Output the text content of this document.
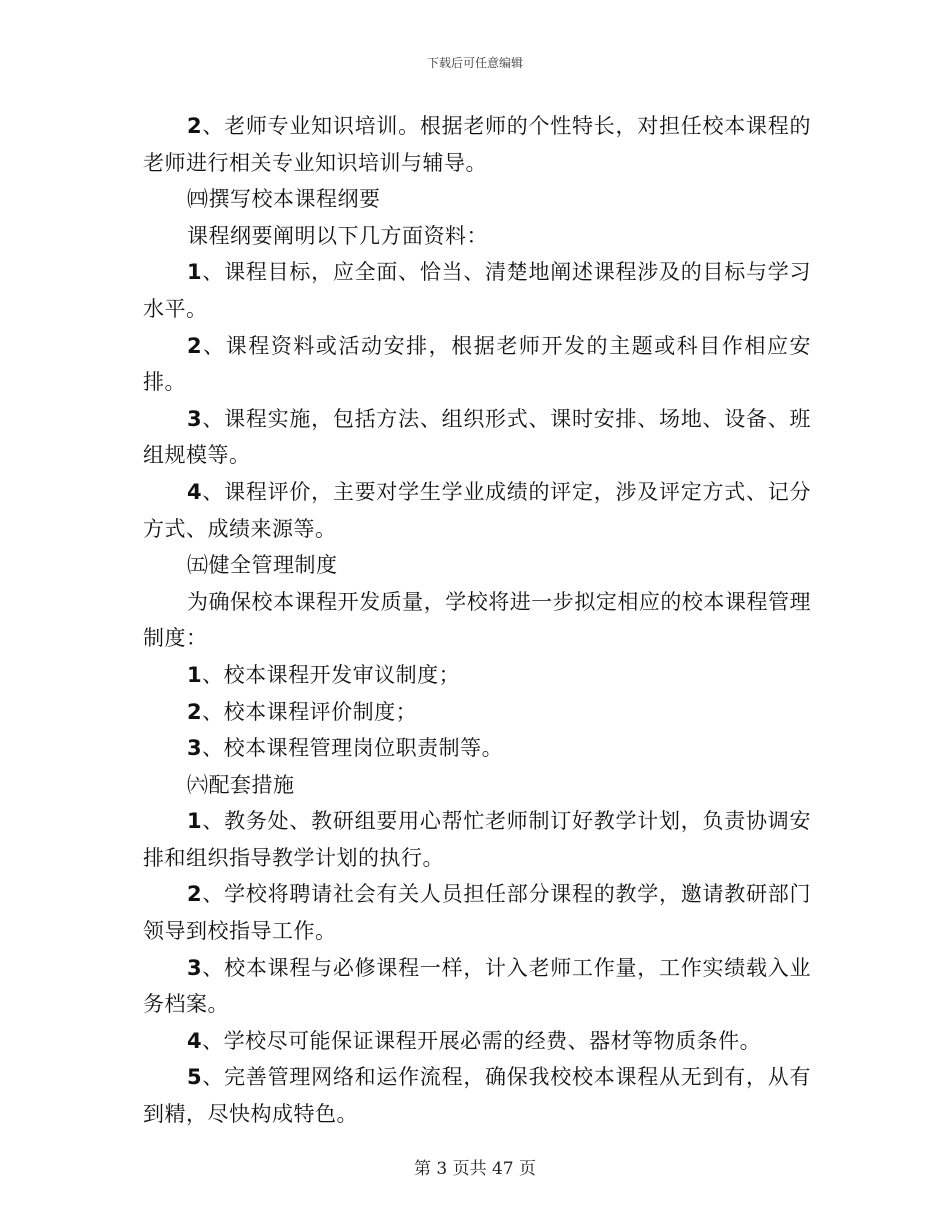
下载后可任意编辑

2、老师专业知识培训。根据老师的个性特长，对担任校本课程的老师进行相关专业知识培训与辅导。

㈣撰写校本课程纲要

课程纲要阐明以下几方面资料：

1、课程目标，应全面、恰当、清楚地阐述课程涉及的目标与学习水平。

2、课程资料或活动安排，根据老师开发的主题或科目作相应安排。

3、课程实施，包括方法、组织形式、课时安排、场地、设备、班组规模等。

4、课程评价，主要对学生学业成绩的评定，涉及评定方式、记分方式、成绩来源等。

㈤健全管理制度

为确保校本课程开发质量，学校将进一步拟定相应的校本课程管理制度：

1、校本课程开发审议制度；

2、校本课程评价制度；

3、校本课程管理岗位职责制等。

㈥配套措施

1、教务处、教研组要用心帮忙老师制订好教学计划，负责协调安排和组织指导教学计划的执行。

2、学校将聘请社会有关人员担任部分课程的教学，邀请教研部门领导到校指导工作。

3、校本课程与必修课程一样，计入老师工作量，工作实绩载入业务档案。

4、学校尽可能保证课程开展必需的经费、器材等物质条件。

5、完善管理网络和运作流程，确保我校校本课程从无到有，从有到精，尽快构成特色。

第 3 页共 47 页
